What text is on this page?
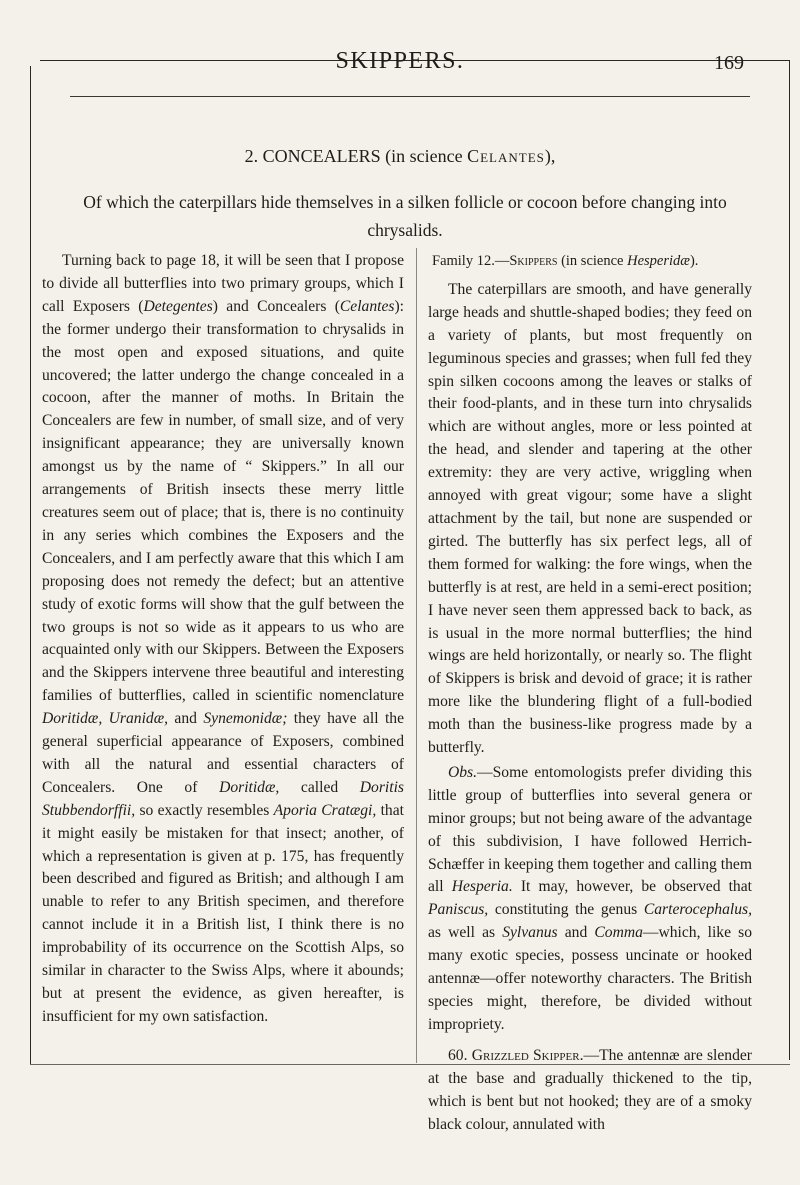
SKIPPERS.	169
2. CONCEALERS (in science Celantes),
Of which the caterpillars hide themselves in a silken follicle or cocoon before changing into chrysalids.

Turning back to page 18, it will be seen that I propose to divide all butterflies into two primary groups, which I call Exposers (Detegentes) and Concealers (Celantes): the former undergo their transformation to chrysalids in the most open and exposed situations, and quite uncovered; the latter undergo the change concealed in a cocoon, after the manner of moths. In Britain the Concealers are few in number, of small size, and of very insignificant appearance; they are universally known amongst us by the name of “ Skippers.” In all our arrangements of British insects these merry little creatures seem out of place; that is, there is no continuity in any series which combines the Exposers and the Concealers, and I am perfectly aware that this which I am proposing does not remedy the defect; but an attentive study of exotic forms will show that the gulf between the two groups is not so wide as it appears to us who are acquainted only with our Skippers. Between the Exposers and the Skippers intervene three beautiful and interesting families of butterflies, called in scientific nomenclature Doritidæ, Uranidæ, and Synemonidæ; they have all the general superficial appearance of Exposers, combined with all the natural and essential characters of Concealers. One of Doritidæ, called Doritis Stubbendorffii, so exactly resembles Aporia Cratægi, that it might easily be mistaken for that insect; another, of which a representation is given at p. 175, has frequently been described and figured as British; and although I am unable to refer to any British specimen, and therefore cannot include it in a British list, I think there is no improbability of its occurrence on the Scottish Alps, so similar in character to the Swiss Alps, where it abounds; but at present the evidence, as given hereafter, is insufficient for my own satisfaction.

Family 12.—Skippers (in science Hesperidæ).

The caterpillars are smooth, and have generally large heads and shuttle-shaped bodies; they feed on a variety of plants, but most frequently on leguminous species and grasses; when full fed they spin silken cocoons among the leaves or stalks of their food-plants, and in these turn into chrysalids which are without angles, more or less pointed at the head, and slender and tapering at the other extremity: they are very active, wriggling when annoyed with great vigour; some have a slight attachment by the tail, but none are suspended or girted. The butterfly has six perfect legs, all of them formed for walking: the fore wings, when the butterfly is at rest, are held in a semi-erect position; I have never seen them appressed back to back, as is usual in the more normal butterflies; the hind wings are held horizontally, or nearly so. The flight of Skippers is brisk and devoid of grace; it is rather more like the blundering flight of a full-bodied moth than the business-like progress made by a butterfly.

Obs.—Some entomologists prefer dividing this little group of butterflies into several genera or minor groups; but not being aware of the advantage of this subdivision, I have followed Herrich-Schæffer in keeping them together and calling them all Hesperia. It may, however, be observed that Paniscus, constituting the genus Carterocephalus, as well as Sylvanus and Comma—which, like so many exotic species, possess uncinate or hooked antennæ—offer noteworthy characters. The British species might, therefore, be divided without impropriety.

60. Grizzled Skipper.—The antennæ are slender at the base and gradually thickened to the tip, which is bent but not hooked; they are of a smoky black colour, annulated with
